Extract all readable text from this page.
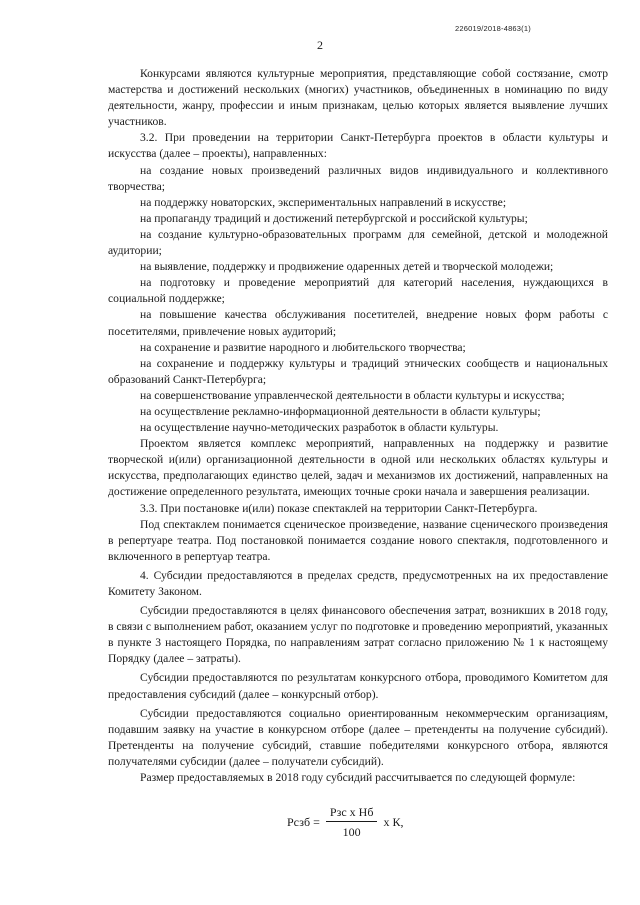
226019/2018-4863(1)
2

Конкурсами являются культурные мероприятия, представляющие собой состязание, смотр мастерства и достижений нескольких (многих) участников, объединенных в номинацию по виду деятельности, жанру, профессии и иным признакам, целью которых является выявление лучших участников.

3.2. При проведении на территории Санкт-Петербурга проектов в области культуры и искусства (далее – проекты), направленных:

на создание новых произведений различных видов индивидуального и коллективного творчества;

на поддержку новаторских, экспериментальных направлений в искусстве;

на пропаганду традиций и достижений петербургской и российской культуры;

на создание культурно-образовательных программ для семейной, детской и молодежной аудитории;

на выявление, поддержку и продвижение одаренных детей и творческой молодежи;

на подготовку и проведение мероприятий для категорий населения, нуждающихся в социальной поддержке;

на повышение качества обслуживания посетителей, внедрение новых форм работы с посетителями, привлечение новых аудиторий;

на сохранение и развитие народного и любительского творчества;

на сохранение и поддержку культуры и традиций этнических сообществ и национальных образований Санкт-Петербурга;

на совершенствование управленческой деятельности в области культуры и искусства;

на осуществление рекламно-информационной деятельности в области культуры;

на осуществление научно-методических разработок в области культуры.

Проектом является комплекс мероприятий, направленных на поддержку и развитие творческой и(или) организационной деятельности в одной или нескольких областях культуры и искусства, предполагающих единство целей, задач и механизмов их достижений, направленных на достижение определенного результата, имеющих точные сроки начала и завершения реализации.

3.3. При постановке и(или) показе спектаклей на территории Санкт-Петербурга.

Под спектаклем понимается сценическое произведение, название сценического произведения в репертуаре театра. Под постановкой понимается создание нового спектакля, подготовленного и включенного в репертуар театра.

4. Субсидии предоставляются в пределах средств, предусмотренных на их предоставление Комитету Законом.

Субсидии предоставляются в целях финансового обеспечения затрат, возникших в 2018 году, в связи с выполнением работ, оказанием услуг по подготовке и проведению мероприятий, указанных в пункте 3 настоящего Порядка, по направлениям затрат согласно приложению № 1 к настоящему Порядку (далее – затраты).

Субсидии предоставляются по результатам конкурсного отбора, проводимого Комитетом для предоставления субсидий (далее – конкурсный отбор).

Субсидии предоставляются социально ориентированным некоммерческим организациям, подавшим заявку на участие в конкурсном отборе (далее – претенденты на получение субсидий). Претенденты на получение субсидий, ставшие победителями конкурсного отбора, являются получателями субсидии (далее – получатели субсидий).

Размер предоставляемых в 2018 году субсидий рассчитывается по следующей формуле:

Рсзб = $\frac{\text{Рзс х Нб}}{100}$ х К,
